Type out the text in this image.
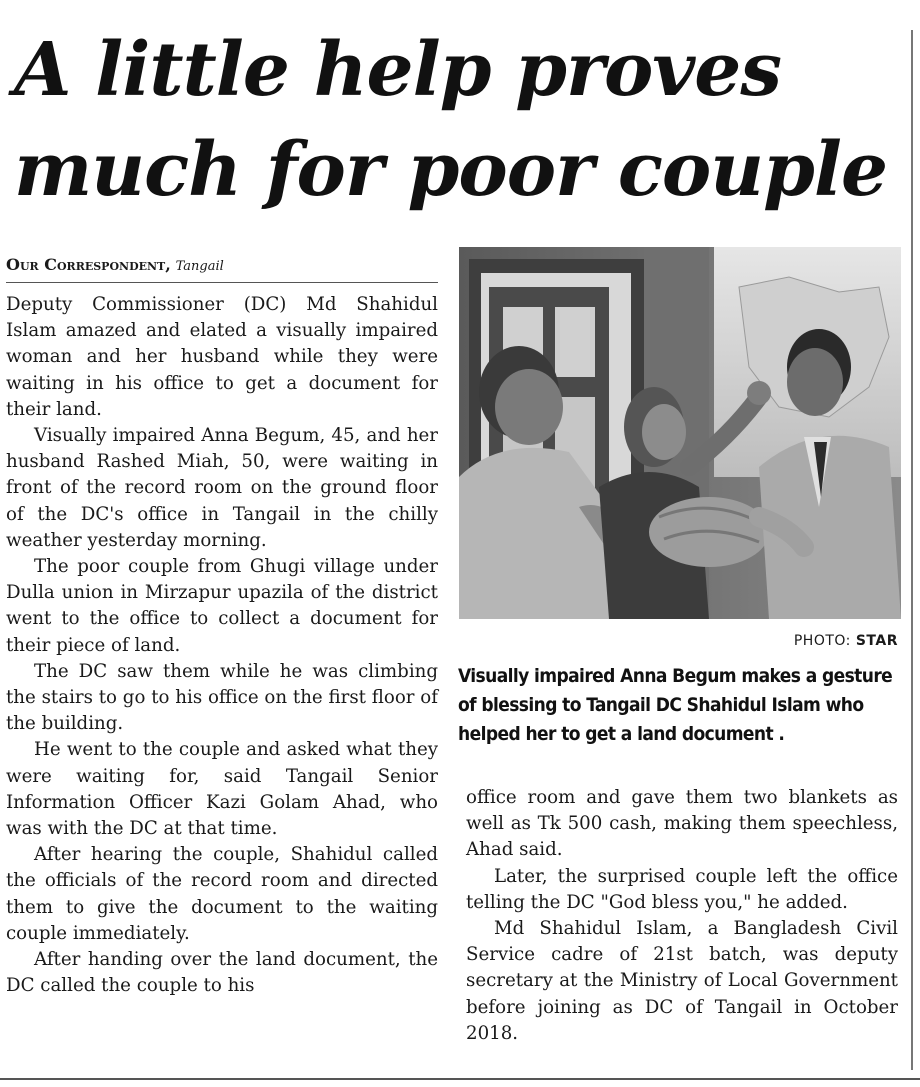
A little help proves
much for poor couple
Our Correspondent, Tangail

Deputy Commissioner (DC) Md Shahidul Islam amazed and elated a visually impaired woman and her husband while they were waiting in his office to get a document for their land.

Visually impaired Anna Begum, 45, and her husband Rashed Miah, 50, were waiting in front of the record room on the ground floor of the DC's office in Tangail in the chilly weather yesterday morning.

The poor couple from Ghugi village under Dulla union in Mirzapur upazila of the district went to the office to collect a document for their piece of land.

The DC saw them while he was climbing the stairs to go to his office on the first floor of the building.

He went to the couple and asked what they were waiting for, said Tangail Senior Information Officer Kazi Golam Ahad, who was with the DC at that time.

After hearing the couple, Shahidul called the officials of the record room and directed them to give the document to the waiting couple immediately.

After handing over the land document, the DC called the couple to his

PHOTO: STAR
Visually impaired Anna Begum makes a gesture of blessing to Tangail DC Shahidul Islam who helped her to get a land document .

office room and gave them two blankets as well as Tk 500 cash, making them speechless, Ahad said.

Later, the surprised couple left the office telling the DC "God bless you," he added.

Md Shahidul Islam, a Bangladesh Civil Service cadre of 21st batch, was deputy secretary at the Ministry of Local Government before joining as DC of Tangail in October 2018.
